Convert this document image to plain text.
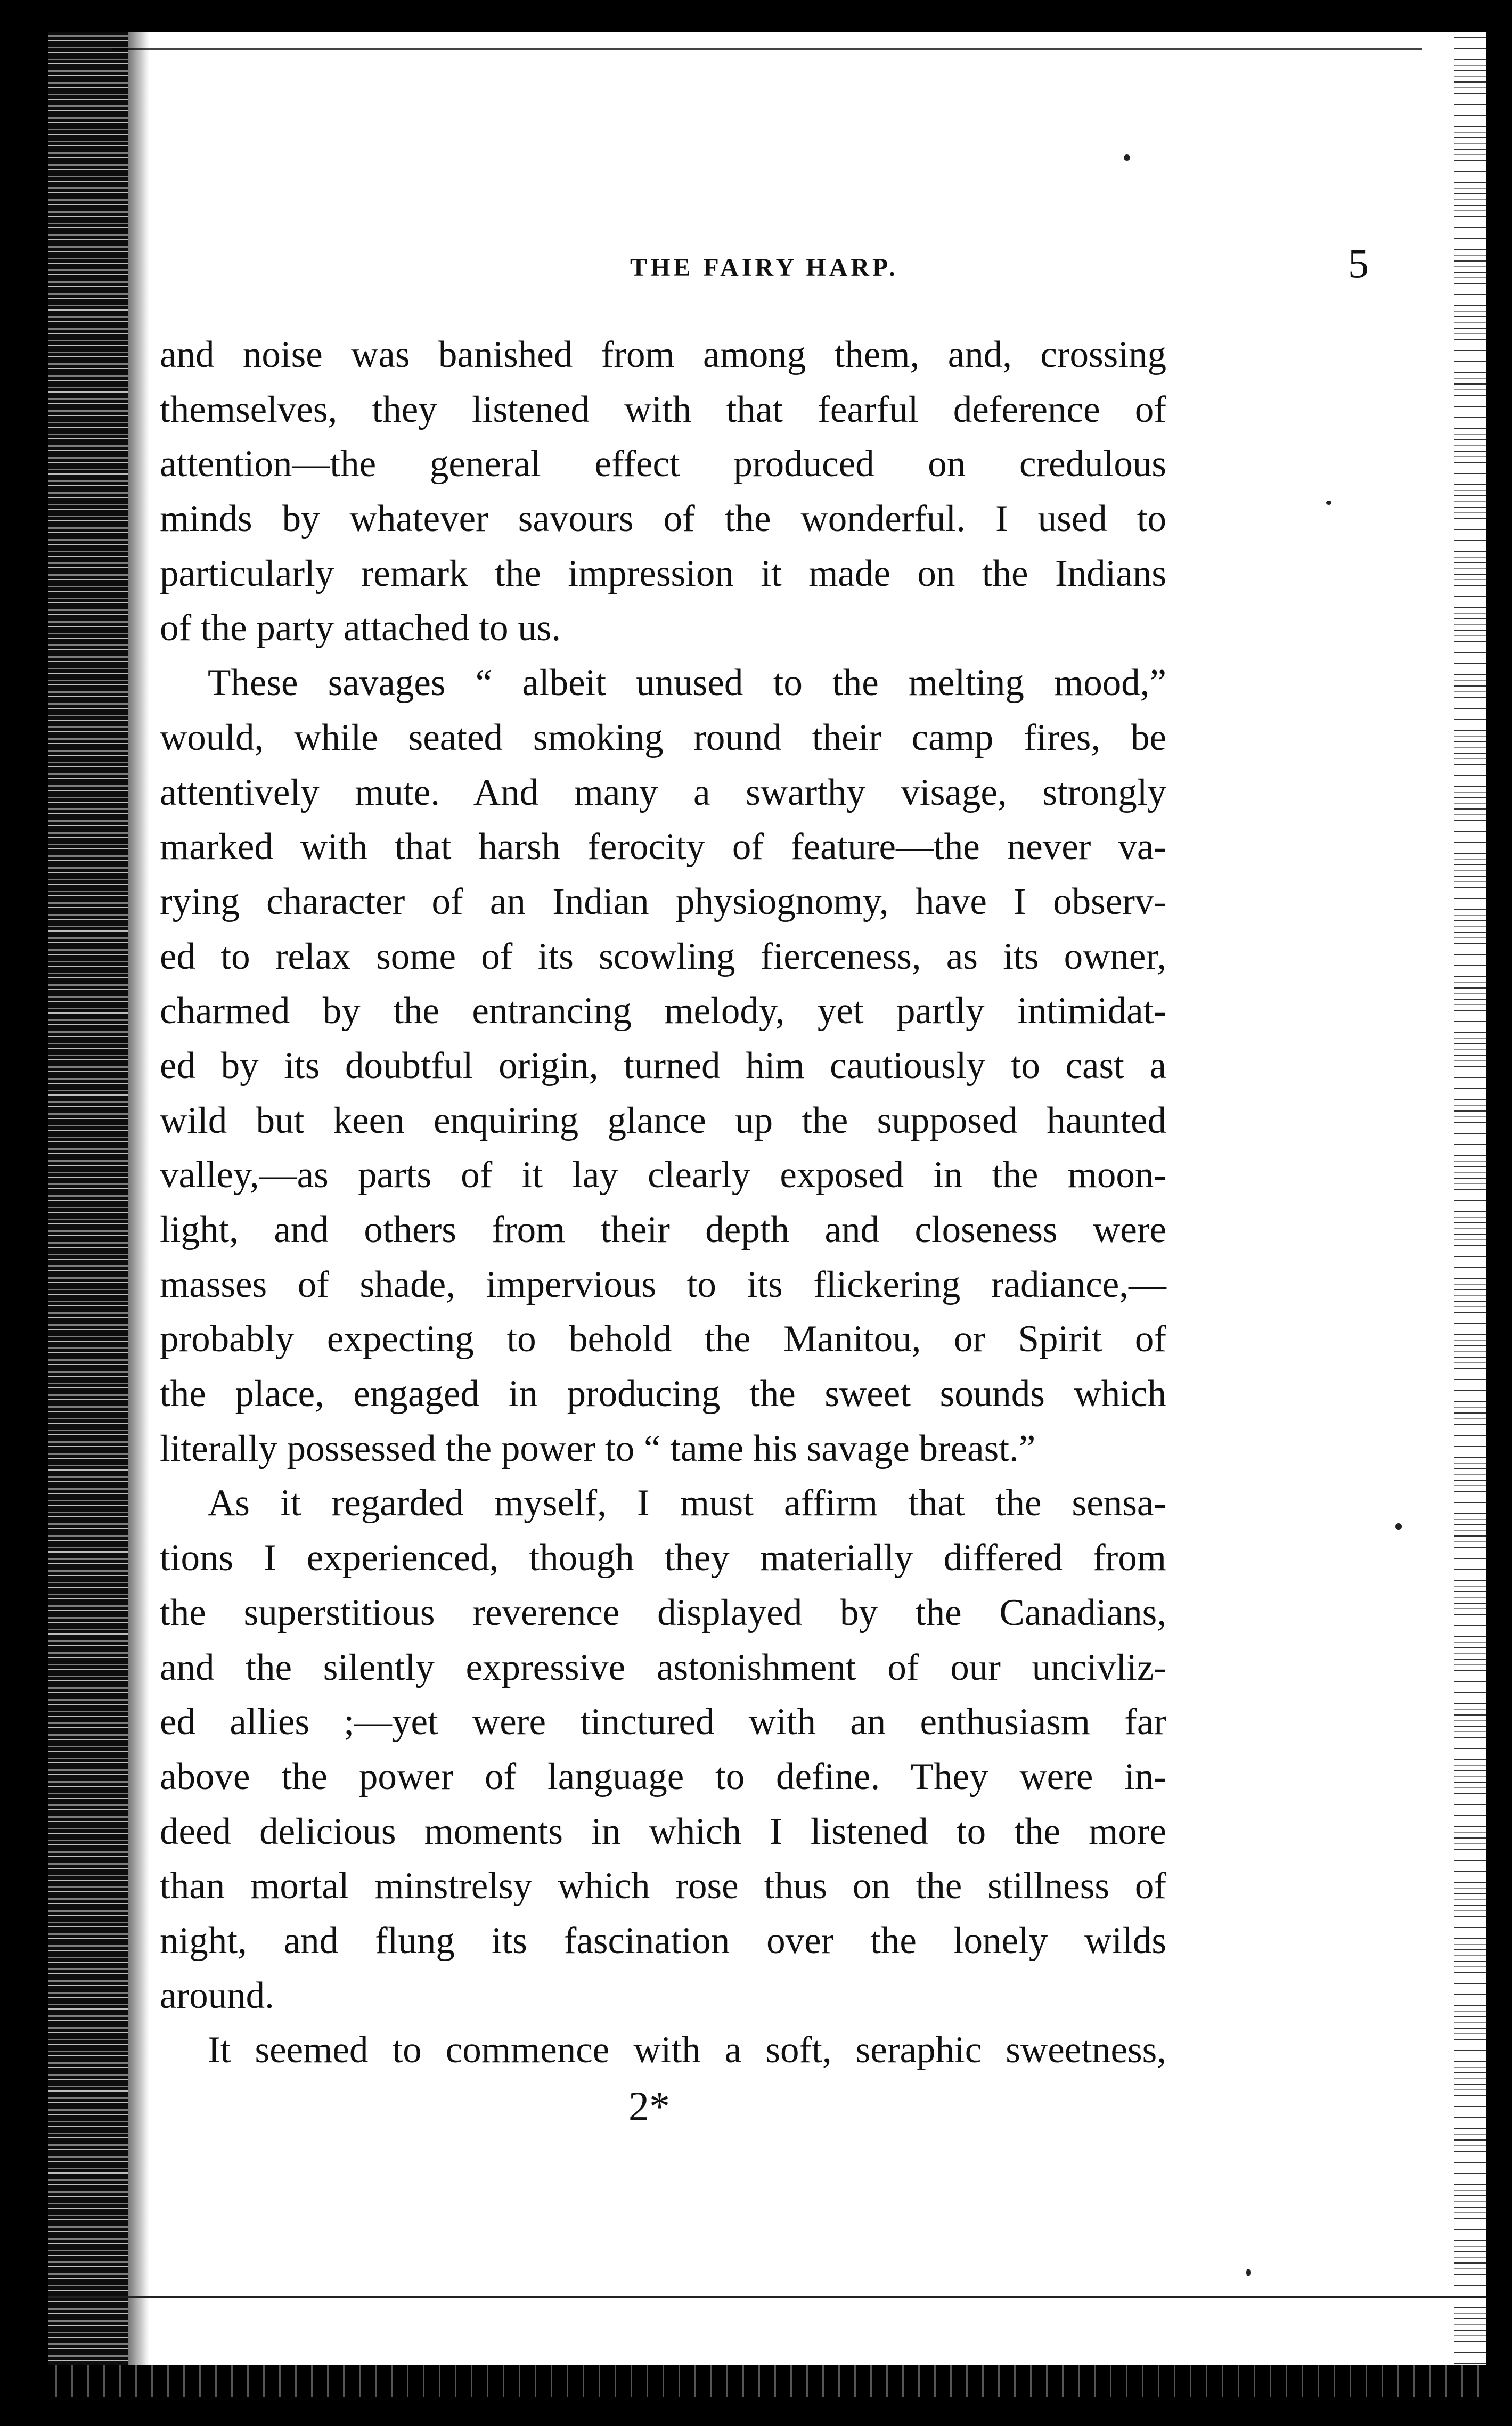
THE FAIRY HARP.	5
and noise was banished from among them, and, crossing
themselves, they listened with that fearful deference of
attention—the general effect produced on credulous
minds by whatever savours of the wonderful. I used to
particularly remark the impression it made on the Indians
of the party attached to us.
These savages “ albeit unused to the melting mood,”
would, while seated smoking round their camp fires, be
attentively mute. And many a swarthy visage, strongly
marked with that harsh ferocity of feature—the never va-
rying character of an Indian physiognomy, have I observ-
ed to relax some of its scowling fierceness, as its owner,
charmed by the entrancing melody, yet partly intimidat-
ed by its doubtful origin, turned him cautiously to cast a
wild but keen enquiring glance up the supposed haunted
valley,—as parts of it lay clearly exposed in the moon-
light, and others from their depth and closeness were
masses of shade, impervious to its flickering radiance,—
probably expecting to behold the Manitou, or Spirit of
the place, engaged in producing the sweet sounds which
literally possessed the power to “ tame his savage breast.”
As it regarded myself, I must affirm that the sensa-
tions I experienced, though they materially differed from
the superstitious reverence displayed by the Canadians,
and the silently expressive astonishment of our uncivliz-
ed allies ;—yet were tinctured with an enthusiasm far
above the power of language to define. They were in-
deed delicious moments in which I listened to the more
than mortal minstrelsy which rose thus on the stillness of
night, and flung its fascination over the lonely wilds
around.
It seemed to commence with a soft, seraphic sweetness,
2*
